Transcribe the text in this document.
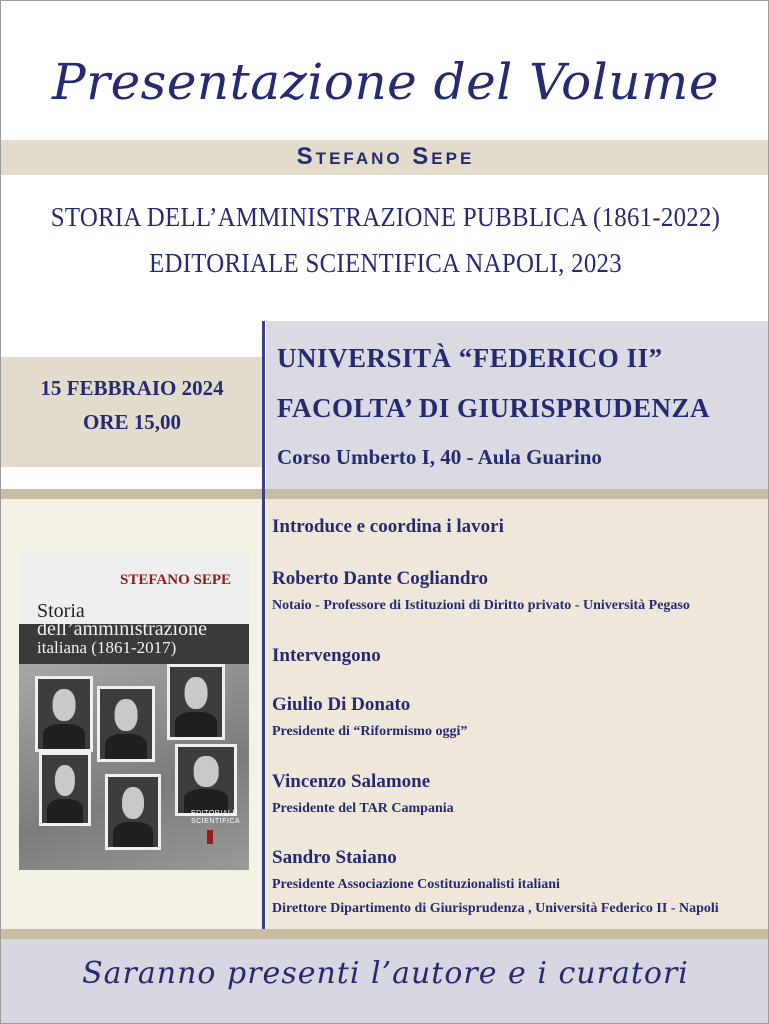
Presentazione del Volume
Stefano Sepe
STORIA DELL’AMMINISTRAZIONE PUBBLICA (1861-2022)
EDITORIALE SCIENTIFICA NAPOLI, 2023
15 FEBBRAIO 2024
ORE 15,00
UNIVERSITÀ “FEDERICO II”
FACOLTA’ DI GIURISPRUDENZA
Corso Umberto I, 40 - Aula Guarino
Introduce e coordina i lavori
Roberto Dante Cogliandro
Notaio - Professore di Istituzioni di Diritto privato - Università Pegaso
Intervengono
Giulio Di Donato
Presidente di “Riformismo oggi”
Vincenzo Salamone
Presidente del TAR Campania
Sandro Staiano
Presidente Associazione Costituzionalisti italiani
Direttore Dipartimento di Giurisprudenza , Università Federico II - Napoli
STEFANO SEPE
Storia
dell’amministrazione
italiana (1861-2017)
EDITORIALE SCIENTIFICA
Saranno presenti l’autore e i curatori
